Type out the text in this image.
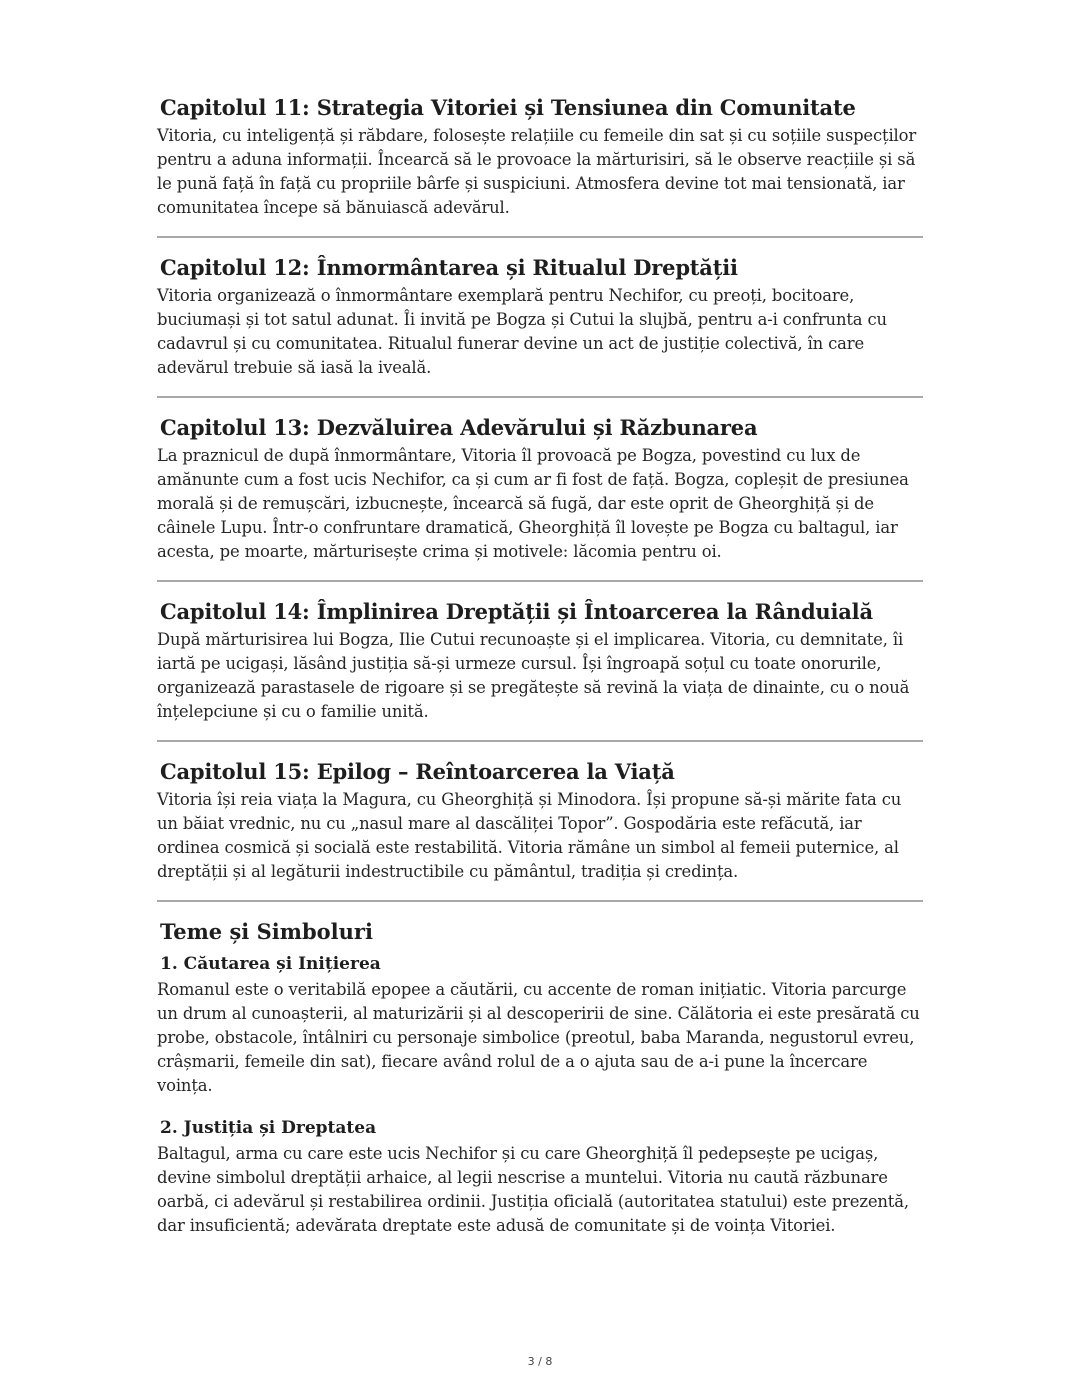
Capitolul 11: Strategia Vitoriei și Tensiunea din Comunitate

Vitoria, cu inteligență și răbdare, folosește relațiile cu femeile din sat și cu soțiile suspecților pentru a aduna informații. Încearcă să le provoace la mărturisiri, să le observe reacțiile și să le pună față în față cu propriile bârfe și suspiciuni. Atmosfera devine tot mai tensionată, iar comunitatea începe să bănuiască adevărul.

Capitolul 12: Înmormântarea și Ritualul Dreptății

Vitoria organizează o înmormântare exemplară pentru Nechifor, cu preoți, bocitoare, buciumași și tot satul adunat. Îi invită pe Bogza și Cutui la slujbă, pentru a-i confrunta cu cadavrul și cu comunitatea. Ritualul funerar devine un act de justiție colectivă, în care adevărul trebuie să iasă la iveală.

Capitolul 13: Dezvăluirea Adevărului și Răzbunarea

La praznicul de după înmormântare, Vitoria îl provoacă pe Bogza, povestind cu lux de amănunte cum a fost ucis Nechifor, ca și cum ar fi fost de față. Bogza, copleșit de presiunea morală și de remușcări, izbucnește, încearcă să fugă, dar este oprit de Gheorghiță și de câinele Lupu. Într-o confruntare dramatică, Gheorghiță îl lovește pe Bogza cu baltagul, iar acesta, pe moarte, mărturisește crima și motivele: lăcomia pentru oi.

Capitolul 14: Împlinirea Dreptății și Întoarcerea la Rânduială

După mărturisirea lui Bogza, Ilie Cutui recunoaște și el implicarea. Vitoria, cu demnitate, îi iartă pe ucigași, lăsând justiția să-și urmeze cursul. Își îngroapă soțul cu toate onorurile, organizează parastasele de rigoare și se pregătește să revină la viața de dinainte, cu o nouă înțelepciune și cu o familie unită.

Capitolul 15: Epilog – Reîntoarcerea la Viață

Vitoria își reia viața la Magura, cu Gheorghiță și Minodora. Își propune să-și mărite fata cu un băiat vrednic, nu cu „nasul mare al dascăliței Topor”. Gospodăria este refăcută, iar ordinea cosmică și socială este restabilită. Vitoria rămâne un simbol al femeii puternice, al dreptății și al legăturii indestructibile cu pământul, tradiția și credința.

Teme și Simboluri
1. Căutarea și Inițierea

Romanul este o veritabilă epopee a căutării, cu accente de roman inițiatic. Vitoria parcurge un drum al cunoașterii, al maturizării și al descoperirii de sine. Călătoria ei este presărată cu probe, obstacole, întâlniri cu personaje simbolice (preotul, baba Maranda, negustorul evreu, crâșmarii, femeile din sat), fiecare având rolul de a o ajuta sau de a-i pune la încercare voința.

2. Justiția și Dreptatea

Baltagul, arma cu care este ucis Nechifor și cu care Gheorghiță îl pedepsește pe ucigaș, devine simbolul dreptății arhaice, al legii nescrise a muntelui. Vitoria nu caută răzbunare oarbă, ci adevărul și restabilirea ordinii. Justiția oficială (autoritatea statului) este prezentă, dar insuficientă; adevărata dreptate este adusă de comunitate și de voința Vitoriei.

3 / 8
